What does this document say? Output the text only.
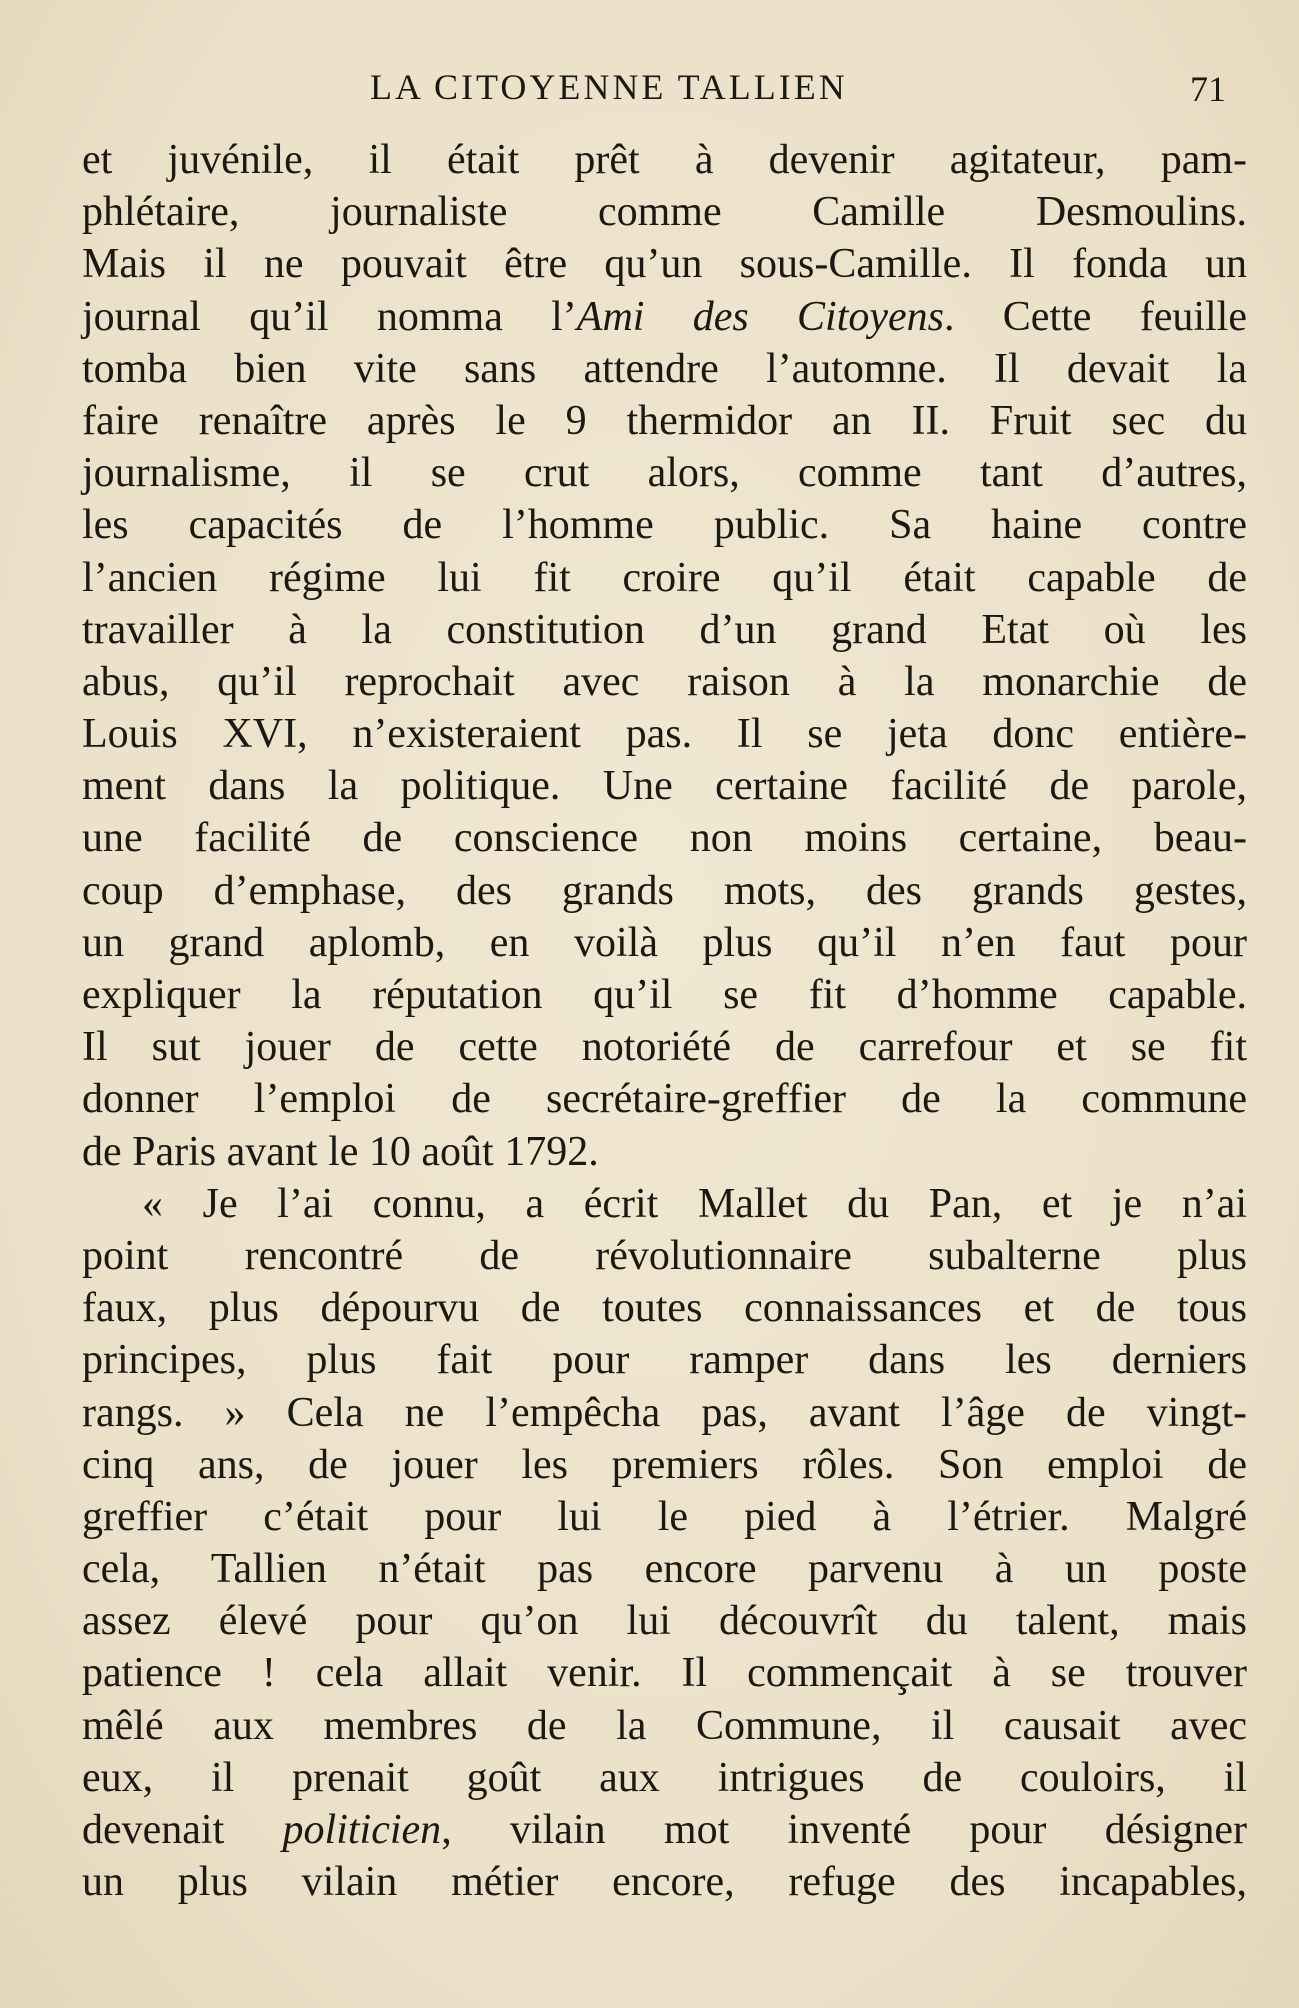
LA CITOYENNE TALLIEN	71
et juvénile, il était prêt à devenir agitateur, pam-
phlétaire, journaliste comme Camille Desmoulins.
Mais il ne pouvait être qu’un sous-Camille. Il fonda un
journal qu’il nomma l’Ami des Citoyens. Cette feuille
tomba bien vite sans attendre l’automne. Il devait la
faire renaître après le 9 thermidor an II. Fruit sec du
journalisme, il se crut alors, comme tant d’autres,
les capacités de l’homme public. Sa haine contre
l’ancien régime lui fit croire qu’il était capable de
travailler à la constitution d’un grand Etat où les
abus, qu’il reprochait avec raison à la monarchie de
Louis XVI, n’existeraient pas. Il se jeta donc entière-
ment dans la politique. Une certaine facilité de parole,
une facilité de conscience non moins certaine, beau-
coup d’emphase, des grands mots, des grands gestes,
un grand aplomb, en voilà plus qu’il n’en faut pour
expliquer la réputation qu’il se fit d’homme capable.
Il sut jouer de cette notoriété de carrefour et se fit
donner l’emploi de secrétaire-greffier de la commune
de Paris avant le 10 août 1792.
« Je l’ai connu, a écrit Mallet du Pan, et je n’ai
point rencontré de révolutionnaire subalterne plus
faux, plus dépourvu de toutes connaissances et de tous
principes, plus fait pour ramper dans les derniers
rangs. » Cela ne l’empêcha pas, avant l’âge de vingt-
cinq ans, de jouer les premiers rôles. Son emploi de
greffier c’était pour lui le pied à l’étrier. Malgré
cela, Tallien n’était pas encore parvenu à un poste
assez élevé pour qu’on lui découvrît du talent, mais
patience ! cela allait venir. Il commençait à se trouver
mêlé aux membres de la Commune, il causait avec
eux, il prenait goût aux intrigues de couloirs, il
devenait politicien, vilain mot inventé pour désigner
un plus vilain métier encore, refuge des incapables,
